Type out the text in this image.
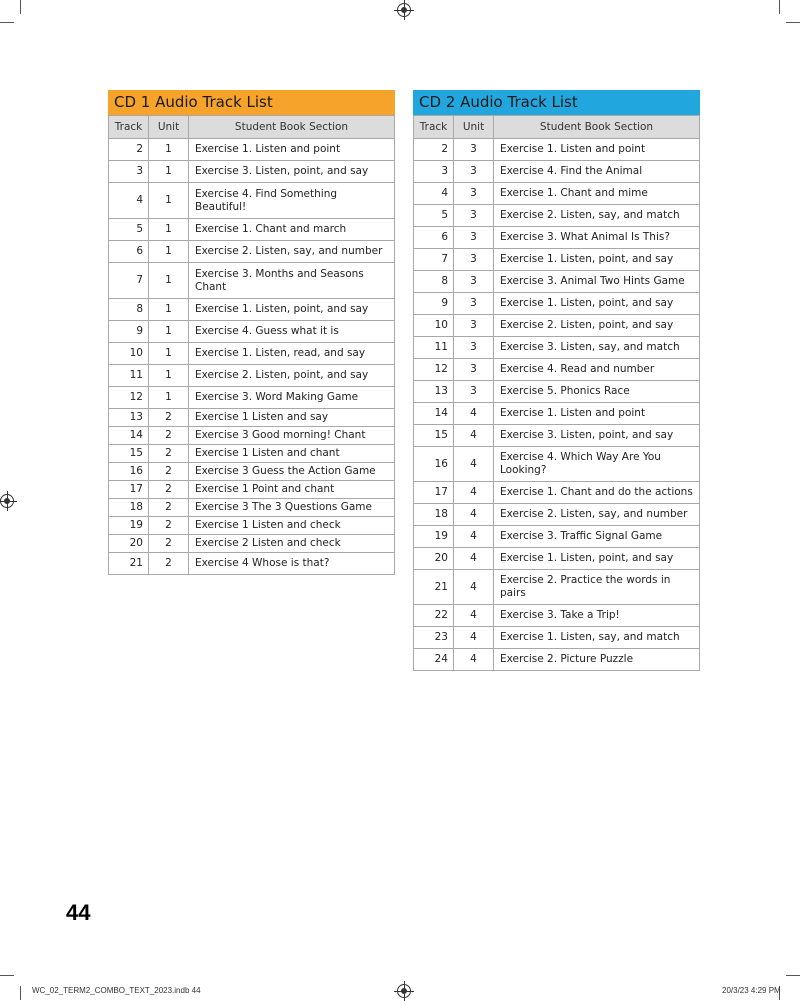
CD 1 Audio Track List
Track	Unit	Student Book Section
2	1	Exercise 1. Listen and point
3	1	Exercise 3. Listen, point, and say
4	1	Exercise 4. Find Something Beautiful!
5	1	Exercise 1. Chant and march
6	1	Exercise 2. Listen, say, and number
7	1	Exercise 3. Months and Seasons Chant
8	1	Exercise 1. Listen, point, and say
9	1	Exercise 4. Guess what it is
10	1	Exercise 1. Listen, read, and say
11	1	Exercise 2. Listen, point, and say
12	1	Exercise 3. Word Making Game
13	2	Exercise 1 Listen and say
14	2	Exercise 3 Good morning! Chant
15	2	Exercise 1 Listen and chant
16	2	Exercise 3 Guess the Action Game
17	2	Exercise 1 Point and chant
18	2	Exercise 3 The 3 Questions Game
19	2	Exercise 1 Listen and check
20	2	Exercise 2 Listen and check
21	2	Exercise 4 Whose is that?
CD 2 Audio Track List
Track	Unit	Student Book Section
2	3	Exercise 1. Listen and point
3	3	Exercise 4. Find the Animal
4	3	Exercise 1. Chant and mime
5	3	Exercise 2. Listen, say, and match
6	3	Exercise 3. What Animal Is This?
7	3	Exercise 1. Listen, point, and say
8	3	Exercise 3. Animal Two Hints Game
9	3	Exercise 1. Listen, point, and say
10	3	Exercise 2. Listen, point, and say
11	3	Exercise 3. Listen, say, and match
12	3	Exercise 4. Read and number
13	3	Exercise 5. Phonics Race
14	4	Exercise 1. Listen and point
15	4	Exercise 3. Listen, point, and say
16	4	Exercise 4. Which Way Are You Looking?
17	4	Exercise 1. Chant and do the actions
18	4	Exercise 2. Listen, say, and number
19	4	Exercise 3. Traffic Signal Game
20	4	Exercise 1. Listen, point, and say
21	4	Exercise 2. Practice the words in pairs
22	4	Exercise 3. Take a Trip!
23	4	Exercise 1. Listen, say, and match
24	4	Exercise 2. Picture Puzzle
44
WC_02_TERM2_COMBO_TEXT_2023.indb 44	20/3/23 4:29 PM
